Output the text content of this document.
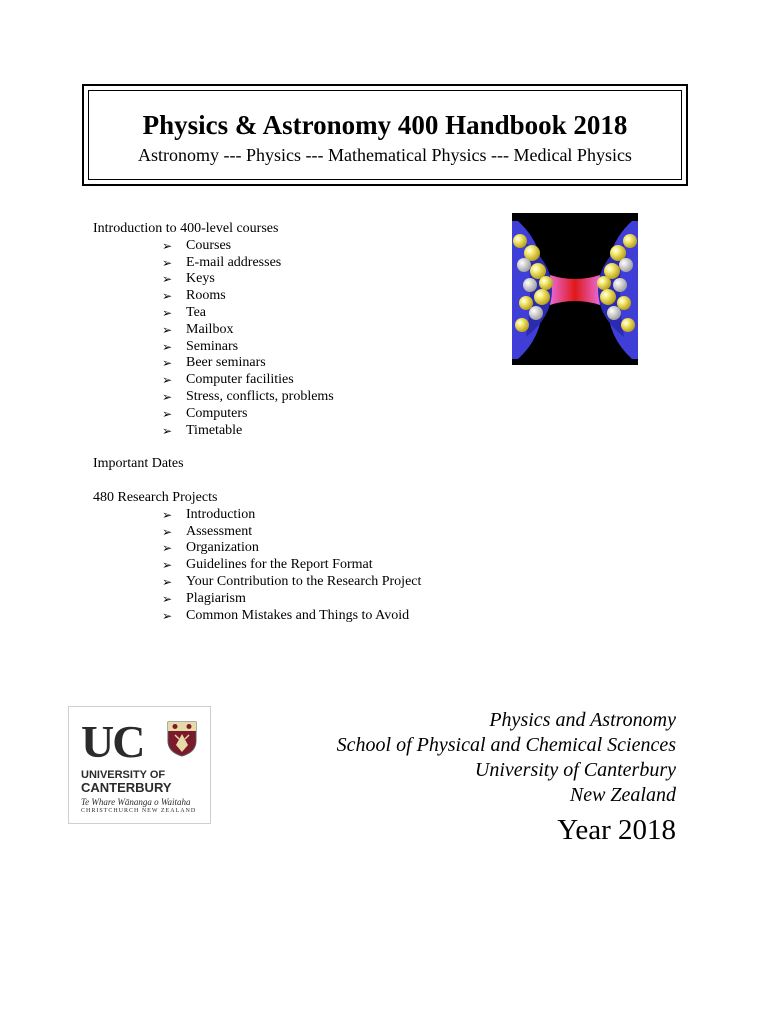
Physics & Astronomy 400 Handbook 2018
Astronomy --- Physics --- Mathematical Physics --- Medical Physics
Introduction to 400-level courses
➢ Courses
➢ E-mail addresses
➢ Keys
➢ Rooms
➢ Tea
➢ Mailbox
➢ Seminars
➢ Beer seminars
➢ Computer facilities
➢ Stress, conflicts, problems
➢ Computers
➢ Timetable
Important Dates
480 Research Projects
➢ Introduction
➢ Assessment
➢ Organization
➢ Guidelines for the Report Format
➢ Your Contribution to the Research Project
➢ Plagiarism
➢ Common Mistakes and Things to Avoid
UC
UNIVERSITY OF
CANTERBURY
Te Whare Wānanga o Waitaha
CHRISTCHURCH NEW ZEALAND
Physics and Astronomy
School of Physical and Chemical Sciences
University of Canterbury
New Zealand
Year 2018
